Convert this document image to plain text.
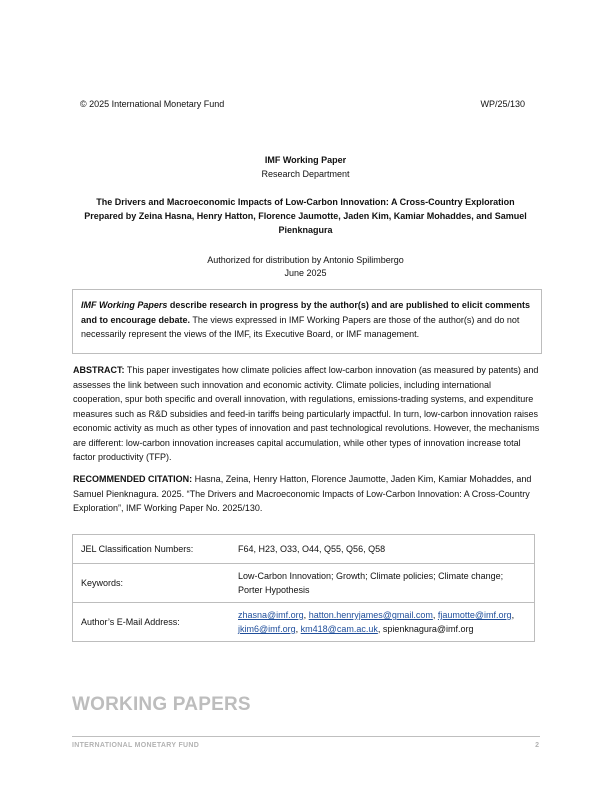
© 2025 International Monetary Fund	WP/25/130
IMF Working Paper
Research Department
The Drivers and Macroeconomic Impacts of Low-Carbon Innovation: A Cross-Country Exploration
Prepared by Zeina Hasna, Henry Hatton, Florence Jaumotte, Jaden Kim, Kamiar Mohaddes, and Samuel Pienknagura
Authorized for distribution by Antonio Spilimbergo
June 2025
IMF Working Papers describe research in progress by the author(s) and are published to elicit comments and to encourage debate. The views expressed in IMF Working Papers are those of the author(s) and do not necessarily represent the views of the IMF, its Executive Board, or IMF management.
ABSTRACT: This paper investigates how climate policies affect low-carbon innovation (as measured by patents) and assesses the link between such innovation and economic activity. Climate policies, including international cooperation, spur both specific and overall innovation, with regulations, emissions-trading systems, and expenditure measures such as R&D subsidies and feed-in tariffs being particularly impactful. In turn, low-carbon innovation raises economic activity as much as other types of innovation and past technological revolutions. However, the mechanisms are different: low-carbon innovation increases capital accumulation, while other types of innovation increase total factor productivity (TFP).
RECOMMENDED CITATION: Hasna, Zeina, Henry Hatton, Florence Jaumotte, Jaden Kim, Kamiar Mohaddes, and Samuel Pienknagura. 2025. “The Drivers and Macroeconomic Impacts of Low-Carbon Innovation: A Cross-Country Exploration”, IMF Working Paper No. 2025/130.
JEL Classification Numbers:	F64, H23, O33, O44, Q55, Q56, Q58
Keywords:	Low-Carbon Innovation; Growth; Climate policies; Climate change; Porter Hypothesis
Author’s E-Mail Address:	zhasna@imf.org, hatton.henryjames@gmail.com, fjaumotte@imf.org,
jkim6@imf.org, km418@cam.ac.uk, spienknagura@imf.org
WORKING PAPERS
INTERNATIONAL MONETARY FUND	2
